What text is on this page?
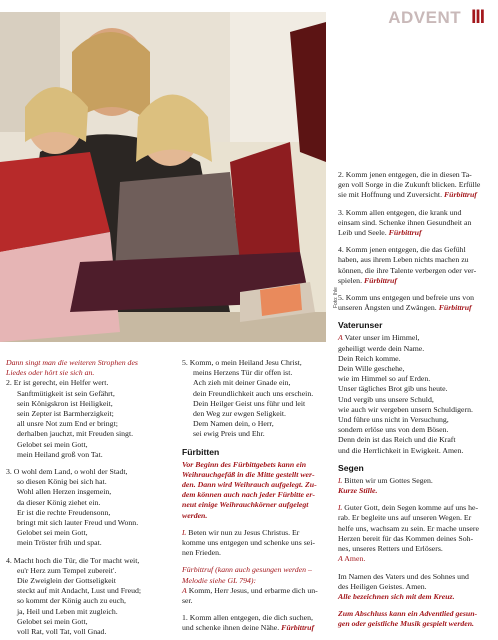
ADVENT III
Foto: Ihle
Dann singt man die weiteren Strophen des
Liedes oder hört sie sich an.
2. Er ist gerecht, ein Helfer wert.
Sanftmütigkeit ist sein Gefährt,
sein Königskron ist Heiligkeit,
sein Zepter ist Barmherzigkeit;
all unsre Not zum End er bringt;
derhalben jauchzt, mit Freuden singt.
Gelobet sei mein Gott,
mein Heiland groß von Tat.
3. O wohl dem Land, o wohl der Stadt,
so diesen König bei sich hat.
Wohl allen Herzen insgemein,
da dieser König ziehet ein.
Er ist die rechte Freudensonn,
bringt mit sich lauter Freud und Wonn.
Gelobet sei mein Gott,
mein Tröster früh und spat.
4. Macht hoch die Tür, die Tor macht weit,
eu'r Herz zum Tempel zubereit'.
Die Zweiglein der Gottseligkeit
steckt auf mit Andacht, Lust und Freud;
so kommt der König auch zu euch,
ja, Heil und Leben mit zugleich.
Gelobet sei mein Gott,
voll Rat, voll Tat, voll Gnad.
5. Komm, o mein Heiland Jesu Christ,
meins Herzens Tür dir offen ist.
Ach zieh mit deiner Gnade ein,
dein Freundlichkeit auch uns erschein.
Dein Heilger Geist uns führ und leit
den Weg zur ewgen Seligkeit.
Dem Namen dein, o Herr,
sei ewig Preis und Ehr.
Fürbitten
Vor Beginn des Fürbittgebets kann ein
Weihrauchgefäß in die Mitte gestellt wer-
den. Dann wird Weihrauch aufgelegt. Zu-
dem können auch nach jeder Fürbitte er-
neut einige Weihrauchkörner aufgelegt
werden.
L Beten wir nun zu Jesus Christus. Er
komme uns entgegen und schenke uns sei-
nen Frieden.
Fürbittruf (kann auch gesungen werden –
Melodie siehe GL 794):
A Komm, Herr Jesus, und erbarme dich un-
ser.
1. Komm allen entgegen, die dich suchen,
und schenke ihnen deine Nähe. Fürbittruf
2. Komm jenen entgegen, die in diesen Ta-
gen voll Sorge in die Zukunft blicken. Erfülle
sie mit Hoffnung und Zuversicht. Fürbittruf
3. Komm allen entgegen, die krank und
einsam sind. Schenke ihnen Gesundheit an
Leib und Seele. Fürbittruf
4. Komm jenen entgegen, die das Gefühl
haben, aus ihrem Leben nichts machen zu
können, die ihre Talente verbergen oder ver-
spielen. Fürbittruf
5. Komm uns entgegen und befreie uns von
unseren Ängsten und Zwängen. Fürbittruf
Vaterunser
A Vater unser im Himmel,
geheiligt werde dein Name.
Dein Reich komme.
Dein Wille geschehe,
wie im Himmel so auf Erden.
Unser tägliches Brot gib uns heute.
Und vergib uns unsere Schuld,
wie auch wir vergeben unsern Schuldigern.
Und führe uns nicht in Versuchung,
sondern erlöse uns von dem Bösen.
Denn dein ist das Reich und die Kraft
und die Herrlichkeit in Ewigkeit. Amen.
Segen
L Bitten wir um Gottes Segen.
Kurze Stille.
L Guter Gott, dein Segen komme auf uns he-
rab. Er begleite uns auf unseren Wegen. Er
helfe uns, wachsam zu sein. Er mache unsere
Herzen bereit für das Kommen deines Soh-
nes, unseres Retters und Erlösers.
A Amen.
Im Namen des Vaters und des Sohnes und
des Heiligen Geistes. Amen.
Alle bezeichnen sich mit dem Kreuz.
Zum Abschluss kann ein Adventlied gesun-
gen oder geistliche Musik gespielt werden.
